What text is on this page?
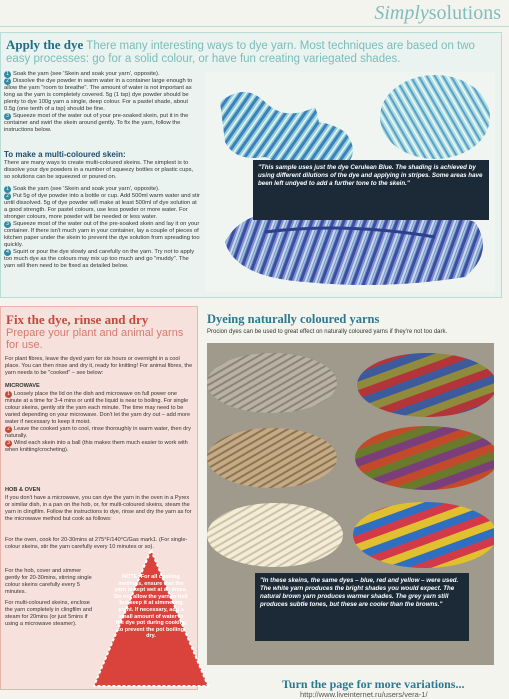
Simplysolutions
Apply the dye There many interesting ways to dye yarn. Most techniques are based on two easy processes: go for a solid colour, or have fun creating variegated shades.
1 Soak the yarn (see 'Skein and soak your yarn', opposite).
2 Dissolve the dye powder in warm water in a container large enough to allow the yarn "room to breathe". The amount of water is not important as long as the yarn is completely covered. 5g (1 tsp) dye powder should be plenty to dye 100g yarn a single, deep colour. For a pastel shade, about 0.5g (one tenth of a tsp) should be fine.
3 Squeeze most of the water out of your pre-soaked skein, put it in the container and swirl the skein around gently. To fix the yarn, follow the instructions below.
To make a multi-coloured skein:
There are many ways to create multi-coloured skeins. The simplest is to dissolve your dye powders in a number of squeezy bottles or plastic cups, so solutions can be squeezed or poured on.
1 Soak the yarn (see 'Skein and soak your yarn', opposite).
2 Put 5g of dye powder into a bottle or cup. Add 500ml warm water and stir until dissolved. 5g of dye powder will make at least 500ml of dye solution at a good strength. For pastel colours, use less powder or more water. For stronger colours, more powder will be needed or less water.
3 Squeeze most of the water out of the pre-soaked skein and lay it on your container. If there isn't much yarn in your container, lay a couple of pieces of kitchen paper under the skein to prevent the dye solution from spreading too quickly.
4 Squirt or pour the dye slowly and carefully on the yarn. Try not to apply too much dye as the colours may mix up too much and go "muddy". The yarn will then need to be fixed as detailed below.
"This sample uses just the dye Cerulean Blue. The shading is achieved by using different dilutions of the dye and applying in stripes. Some areas have been left undyed to add a further tone to the skein."
Fix the dye, rinse and dry
Prepare your plant and animal yarns for use.
For plant fibres, leave the dyed yarn for six hours or overnight in a cool place. You can then rinse and dry it, ready for knitting! For animal fibres, the yarn needs to be "cooked" – see below:
MICROWAVE
1 Loosely place the lid on the dish and microwave on full power one minute at a time for 3-4 mins or until the liquid is near to boiling. For single colour skeins, gently stir the yarn each minute. The time may need to be varied depending on your microwave. Don't let the yarn dry out – add more water if necessary to keep it moist.
2 Leave the cooked yarn to cool, rinse thoroughly in warm water, then dry naturally.
3 Wind each skein into a ball (this makes them much easier to work with when knitting/crocheting).
HOB & OVEN
If you don't have a microwave, you can dye the yarn in the oven in a Pyrex or similar dish, in a pan on the hob, or, for multi-coloured skeins, steam the yarn in clingfilm. Follow the instructions to dye, rinse and dry the yarn as for the microwave method but cook as follows:
For the oven, cook for 20-30mins at 275°F/140°C/Gas mark1. (For single-colour skeins, stir the yarn carefully every 10 minutes or so).
For the hob, cover and simmer gently for 20-30mins, stirring single colour skeins carefully every 5 minutes.
For multi-coloured skeins, enclose the yarn completely in clingfilm and steam for 20mins (or just 5mins if using a microwave steamer).
NOTE: For all cooking methods, ensure that the yarn is kept wet at all times. Do not allow the yarn to boil but keep it at simmering point. If necessary, add a small amount of water to the dye pot during cooking to prevent the pot boiling dry.
Dyeing naturally coloured yarns
Procion dyes can be used to great effect on naturally coloured yarns if they're not too dark.
"In these skeins, the same dyes – blue, red and yellow – were used. The white yarn produces the bright shades you would expect. The natural brown yarn produces warmer shades. The grey yarn still produces subtle tones, but these are cooler than the browns."
Turn the page for more variations...
http://www.liveinternet.ru/users/vera-1/
